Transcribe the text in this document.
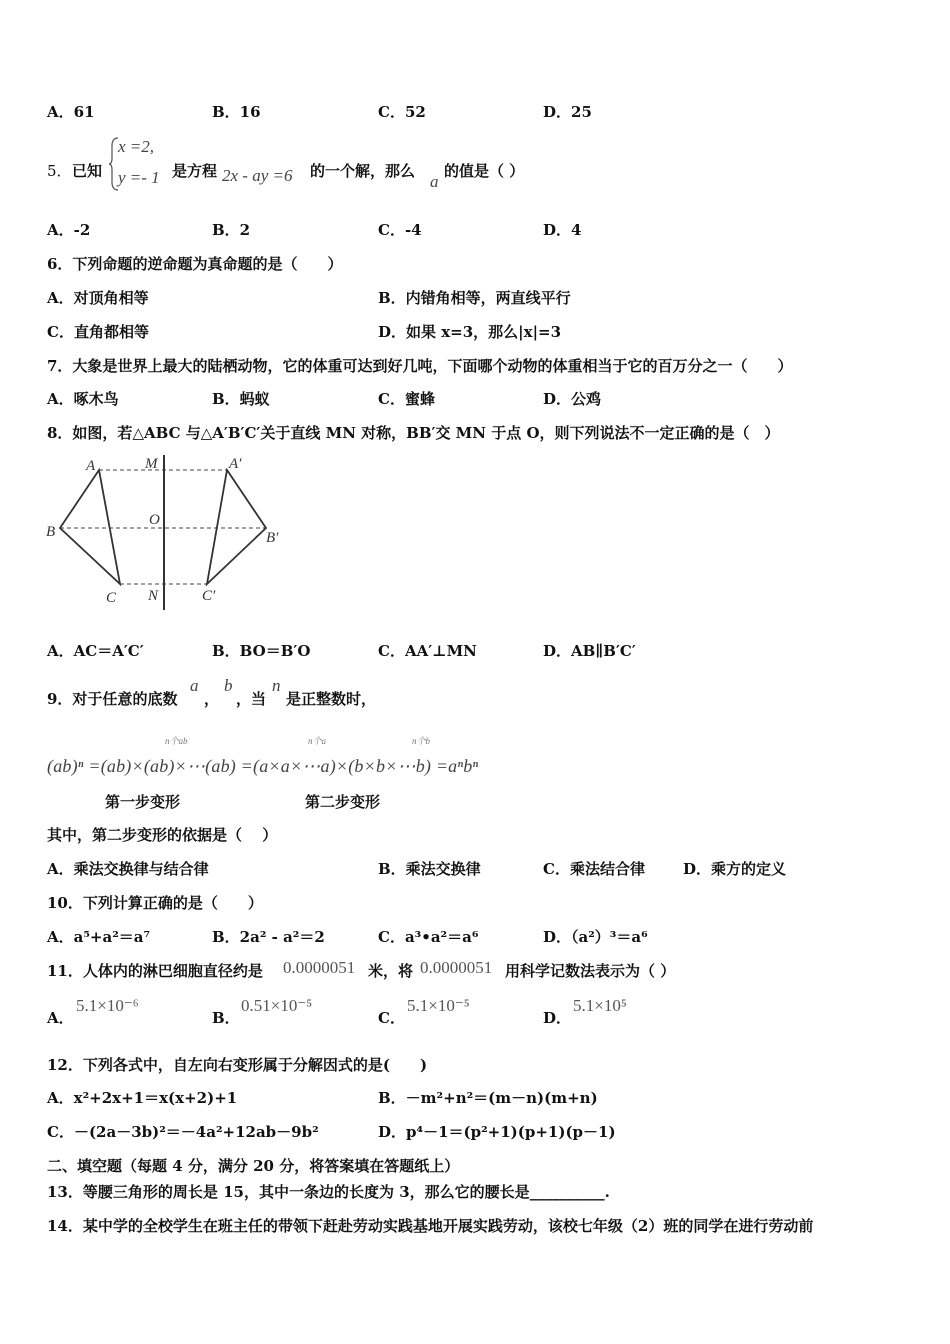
A．61	B．16	C．52	D．25
5． 已知
x =2,
y =- 1 是方程 2x - ay =6 的一个解，那么
a
的值是（ ）
A．-2	B．2	C．-4	D．4
6．下列命题的逆命题为真命题的是（　　）
A．对顶角相等	B．内错角相等，两直线平行
C．直角都相等	D．如果 x=3，那么|x|=3
7．大象是世界上最大的陆栖动物，它的体重可达到好几吨，下面哪个动物的体重相当于它的百万分之一（　　）
A．啄木鸟	B．蚂蚁	C．蜜蜂	D．公鸡
8．如图，若△ABC 与△A′B′C′关于直线 MN 对称，BB′交 MN 于点 O，则下列说法不一定正确的是（　）
A	M	A′
B
O
B′
C N	C′
A．AC＝A′C′	B．BO＝B′O	C．AA′⊥MN	D．AB∥B′C′
9．对于任意的底数
a
，
b
，当
n
是正整数时，
n个ab	n个a	n个b
(ab)ⁿ =(ab)×(ab)×⋯(ab) =(a×a×⋯a)×(b×b×⋯b) =aⁿbⁿ
第一步变形	第二步变形
其中，第二步变形的依据是（　 ）
A．乘法交换律与结合律	B．乘法交换律	C．乘法结合律	D．乘方的定义
10．下列计算正确的是（　　）
A．a⁵+a²＝a⁷	B．2a² - a²＝2	C．a³•a²＝a⁶	D．（a²）³＝a⁶
11．人体内的淋巴细胞直径约是 0.0000051 米，将 0.0000051 用科学记数法表示为（ ）
A．
5.1×10⁻⁶
B．
0.51×10⁻⁵
C．
5.1×10⁻⁵
D．
5.1×10⁵
12．下列各式中，自左向右变形属于分解因式的是(　　)
A．x²+2x+1＝x(x+2)+1	B．－m²+n²＝(m－n)(m+n)
C．－(2a－3b)²＝－4a²+12ab－9b²	D．p⁴－1＝(p²+1)(p+1)(p－1)
二、填空题（每题 4 分，满分 20 分，将答案填在答题纸上）
13．等腰三角形的周长是 15，其中一条边的长度为 3，那么它的腰长是__________.
14．某中学的全校学生在班主任的带领下赶赴劳动实践基地开展实践劳动，该校七年级（2）班的同学在进行劳动前
